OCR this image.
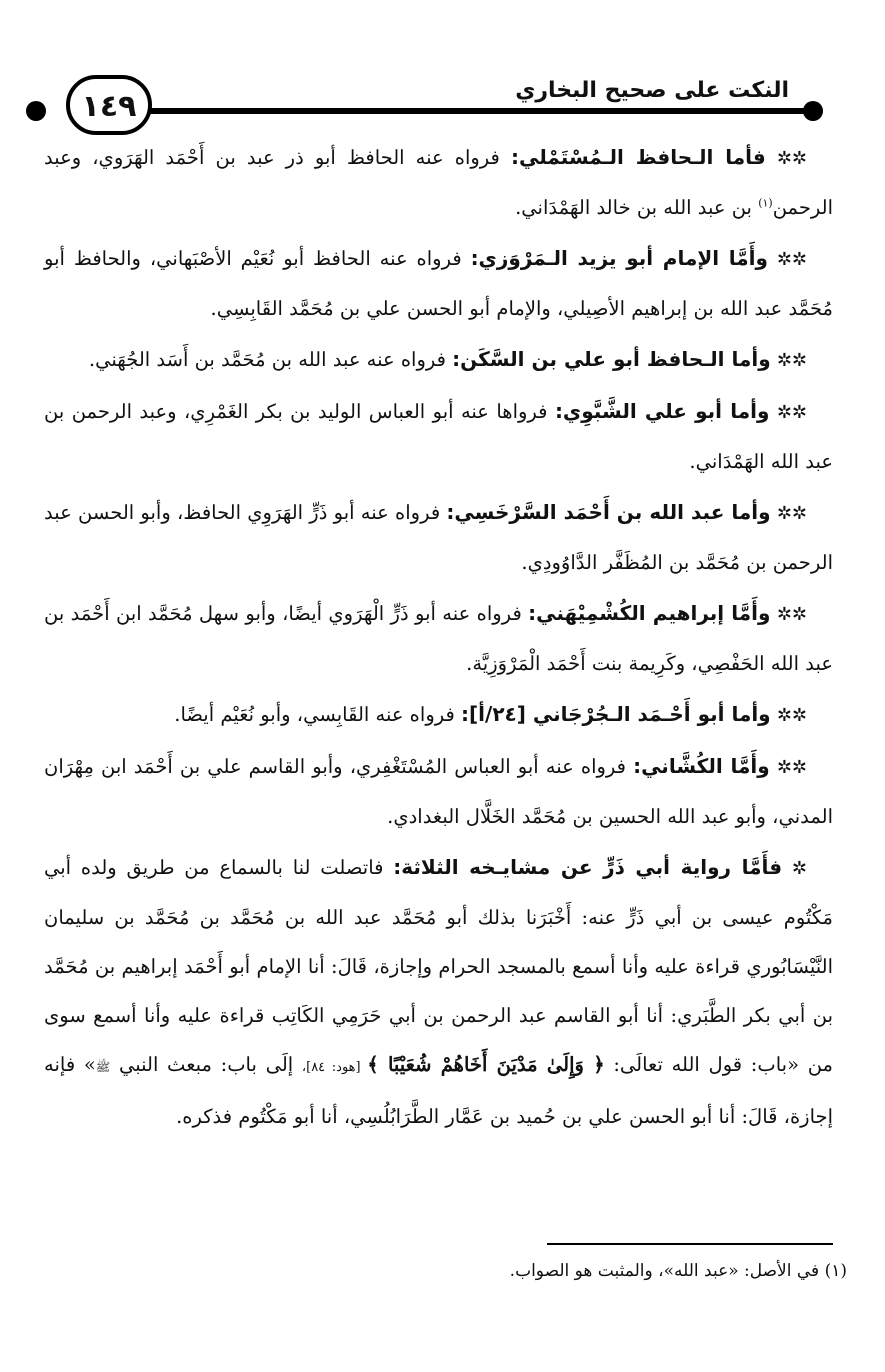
النكت على صحيح البخاري
١٤٩

✲✲ فأما الـحافظ الـمُسْتَمْلي: فرواه عنه الحافظ أبو ذر عبد بن أَحْمَد الهَرَوي، وعبد الرحمن$^{(١)}$ بن عبد الله بن خالد الهَمْدَاني.

✲✲ وأَمَّا الإمام أبو يزيد الـمَرْوَزي: فرواه عنه الحافظ أبو نُعَيْم الأصْبَهاني، والحافظ أبو مُحَمَّد عبد الله بن إبراهيم الأصِيلي، والإمام أبو الحسن علي بن مُحَمَّد القَابِسِي.

✲✲ وأما الـحافظ أبو علي بن السَّكَن: فرواه عنه عبد الله بن مُحَمَّد بن أَسَد الجُهَني.

✲✲ وأما أبو علي الشَّبَّوِي: فرواها عنه أبو العباس الوليد بن بكر الغَمْرِي، وعبد الرحمن بن عبد الله الهَمْدَاني.

✲✲ وأما عبد الله بن أَحْمَد السَّرْخَسِي: فرواه عنه أبو ذَرٍّ الهَرَوِي الحافظ، وأبو الحسن عبد الرحمن بن مُحَمَّد بن المُظَفَّر الدَّاوُودِي.

✲✲ وأَمَّا إبراهيم الكُشْمِيْهَني: فرواه عنه أبو ذَرٍّ الْهَرَوي أيضًا، وأبو سهل مُحَمَّد ابن أَحْمَد بن عبد الله الحَفْصِي، وكَرِيمة بنت أَحْمَد الْمَرْوَزِيَّة.

✲✲ وأما أبو أَحْـمَد الـجُرْجَاني [٢٤/أ]: فرواه عنه القَابِسي، وأبو نُعَيْم أيضًا.

✲✲ وأَمَّا الكُشَّاني: فرواه عنه أبو العباس المُسْتَغْفِري، وأبو القاسم علي بن أَحْمَد ابن مِهْرَان المدني، وأبو عبد الله الحسين بن مُحَمَّد الخَلَّال البغدادي.

✲ فأَمَّا رواية أبي ذَرٍّ عن مشايـخه الثلاثة: فاتصلت لنا بالسماع من طريق ولده أبي مَكْتُوم عيسى بن أبي ذَرٍّ عنه: أَخْبَرَنا بذلك أبو مُحَمَّد عبد الله بن مُحَمَّد بن مُحَمَّد بن سليمان النَّيْسَابُوري قراءة عليه وأنا أسمع بالمسجد الحرام وإجازة، قَالَ: أنا الإمام أبو أَحْمَد إبراهيم بن مُحَمَّد بن أبي بكر الطَّبَري: أنا أبو القاسم عبد الرحمن بن أبي حَرَمِي الكَاتِب قراءة عليه وأنا أسمع سوى من «باب: قول الله تعالَى: ﴿ وَإِلَىٰ مَدْيَنَ أَخَاهُمْ شُعَيْبًا ﴾ [هود: ٨٤]، إلَى باب: مبعث النبي ﷺ» فإنه إجازة، قَالَ: أنا أبو الحسن علي بن حُميد بن عَمَّار الطَّرَابُلُسِي، أنا أبو مَكْتُوم فذكره.

(١) في الأصل: «عبد الله»، والمثبت هو الصواب.
